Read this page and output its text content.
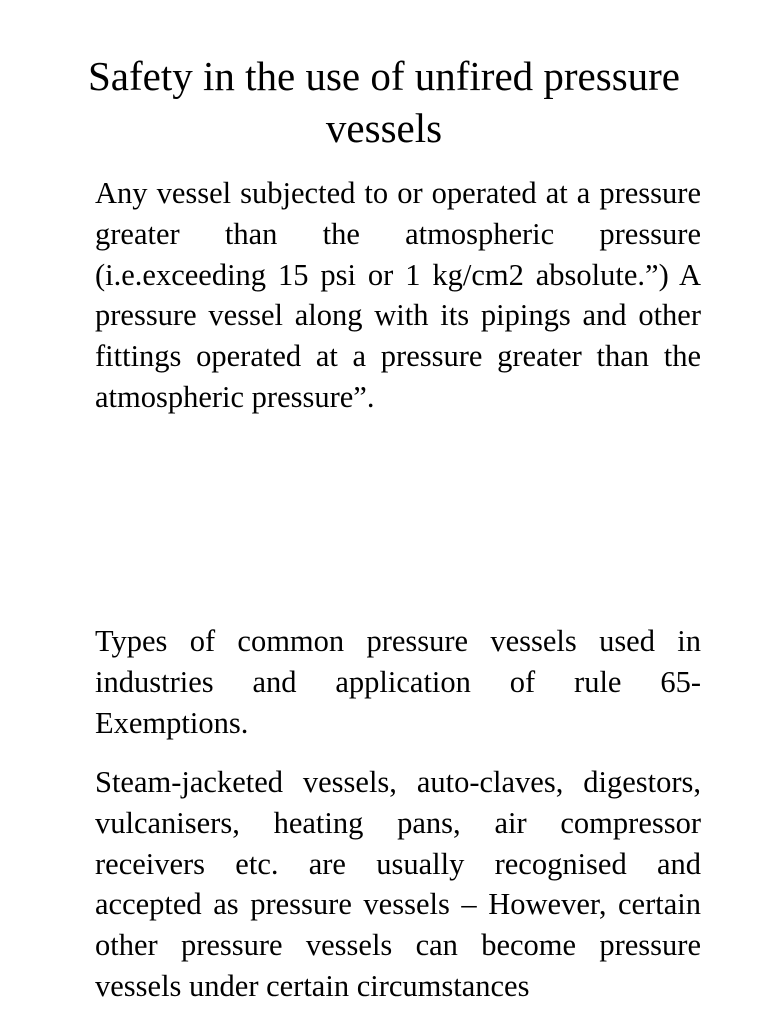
Safety in the use of unfired pressure vessels
Any vessel subjected to or operated at a pressure greater than the atmospheric pressure (i.e.exceeding 15 psi or 1 kg/cm2 absolute.”) A pressure vessel along with its pipings and other fittings operated at a pressure greater than the atmospheric pressure”.
Types of common pressure vessels used in industries and application of rule 65- Exemptions.
Steam-jacketed vessels, auto-claves, digestors, vulcanisers, heating pans, air compressor receivers etc. are usually recognised and accepted as pressure vessels – However, certain other pressure vessels can become pressure vessels under certain circumstances
